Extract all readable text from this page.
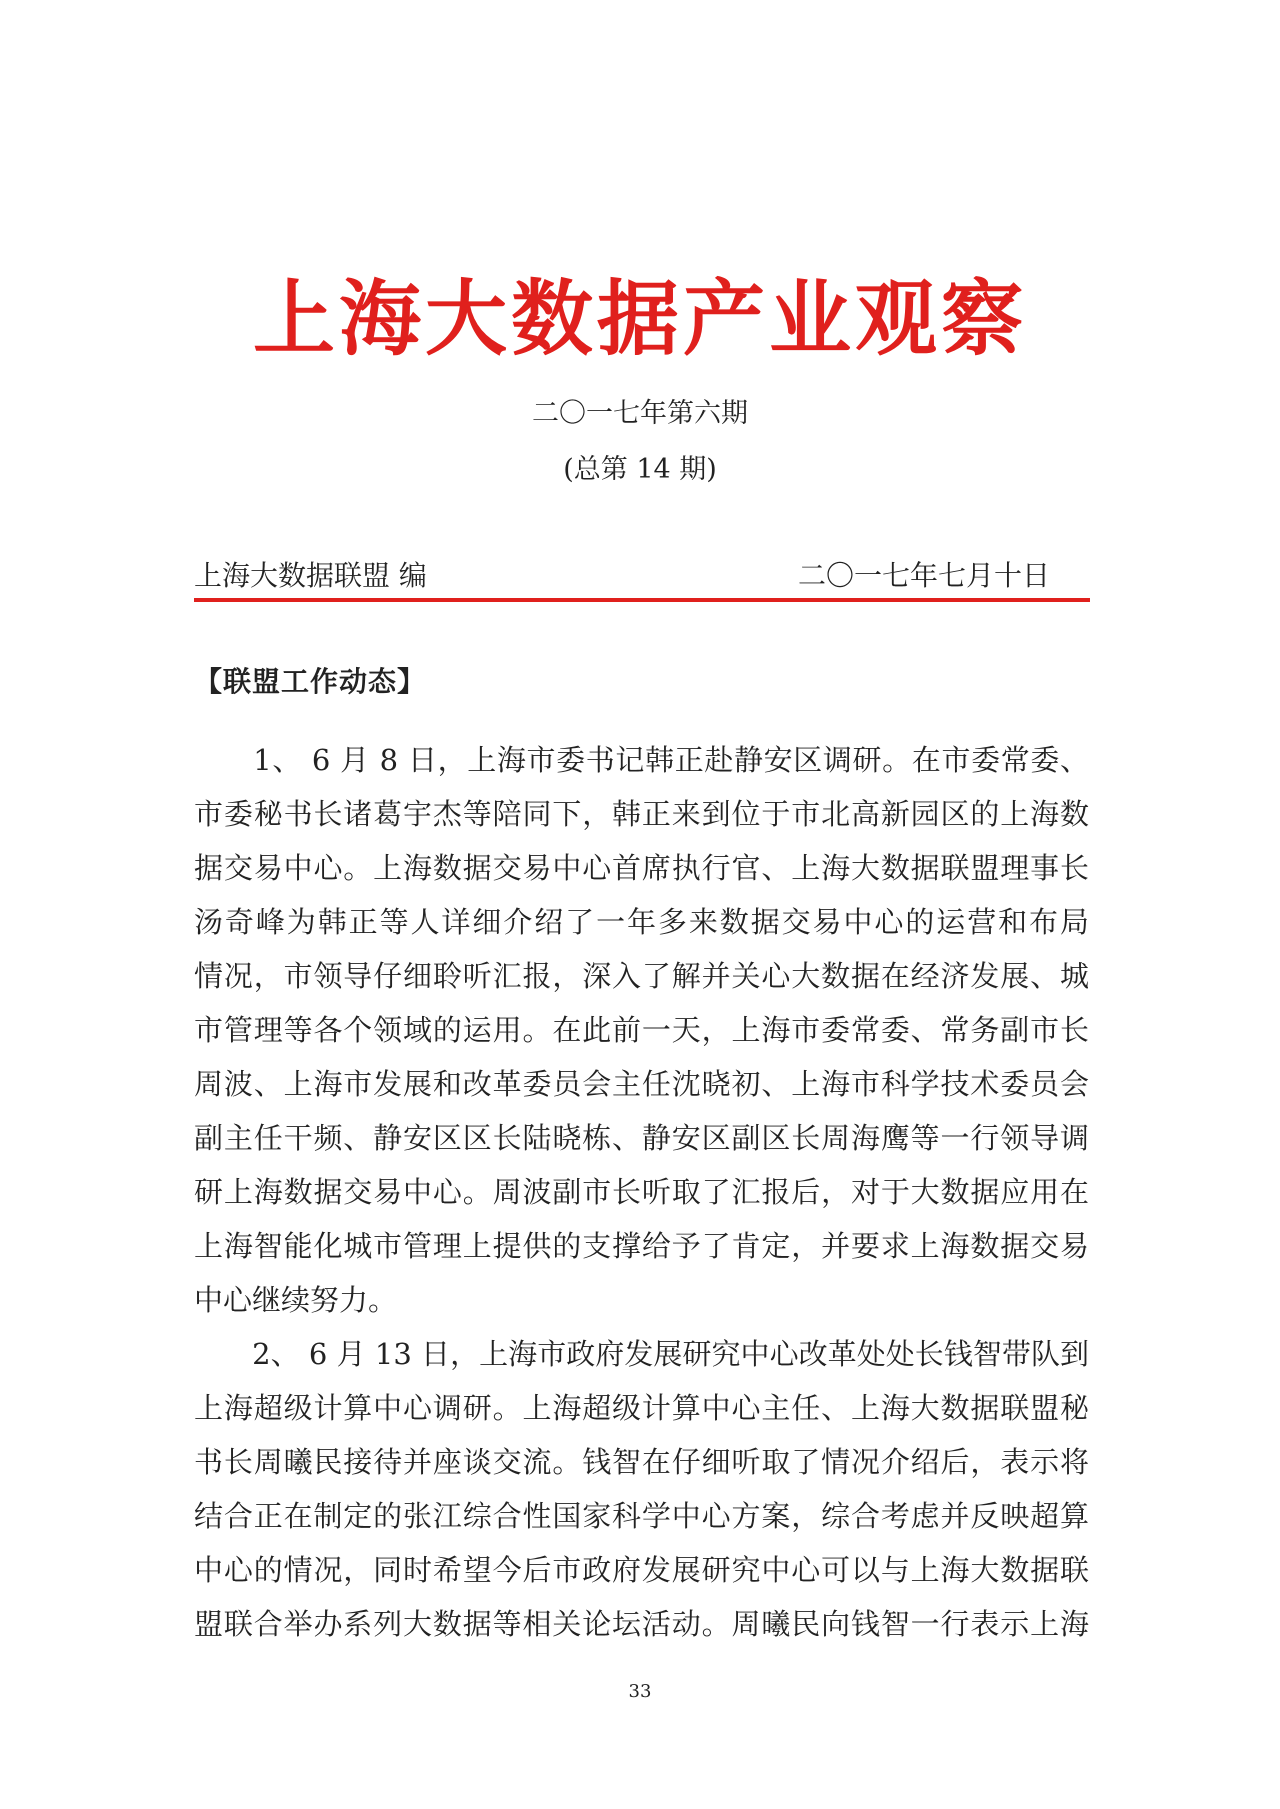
上海大数据产业观察
二〇一七年第六期
(总第 14 期)
上海大数据联盟 编	二〇一七年七月十日
【联盟工作动态】
　　1、 6 月 8 日，上海市委书记韩正赴静安区调研。在市委常委、
市委秘书长诸葛宇杰等陪同下，韩正来到位于市北高新园区的上海数
据交易中心。上海数据交易中心首席执行官、上海大数据联盟理事长
汤奇峰为韩正等人详细介绍了一年多来数据交易中心的运营和布局
情况，市领导仔细聆听汇报，深入了解并关心大数据在经济发展、城
市管理等各个领域的运用。在此前一天，上海市委常委、常务副市长
周波、上海市发展和改革委员会主任沈晓初、上海市科学技术委员会
副主任干频、静安区区长陆晓栋、静安区副区长周海鹰等一行领导调
研上海数据交易中心。周波副市长听取了汇报后，对于大数据应用在
上海智能化城市管理上提供的支撑给予了肯定，并要求上海数据交易
中心继续努力。
　　2、 6 月 13 日，上海市政府发展研究中心改革处处长钱智带队到
上海超级计算中心调研。上海超级计算中心主任、上海大数据联盟秘
书长周曦民接待并座谈交流。钱智在仔细听取了情况介绍后，表示将
结合正在制定的张江综合性国家科学中心方案，综合考虑并反映超算
中心的情况，同时希望今后市政府发展研究中心可以与上海大数据联
盟联合举办系列大数据等相关论坛活动。周曦民向钱智一行表示上海
33
